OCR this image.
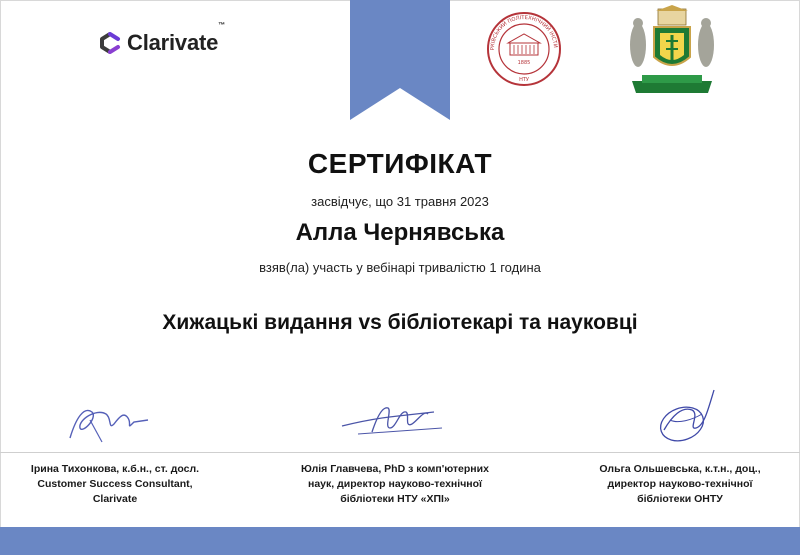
Clarivate™
1885
НТУ
РКІВСЬКИЙ ПОЛІТЕХНІЧНИЙ ІНСТИ
СЕРТИФІКАТ
засвідчує, що 31 травня 2023
Алла Чернявська
взяв(ла) участь у вебінарі тривалістю 1 година
Хижацькі видання vs бібліотекарі та науковці
Ірина Тихонкова, к.б.н., ст. досл.
Customer Success Consultant,
Clarivate
Юлія Главчева, PhD з комп'ютерних
наук, директор науково-технічної
бібліотеки НТУ «ХПІ»
Ольга Ольшевська, к.т.н., доц.,
директор науково-технічної
бібліотеки ОНТУ
